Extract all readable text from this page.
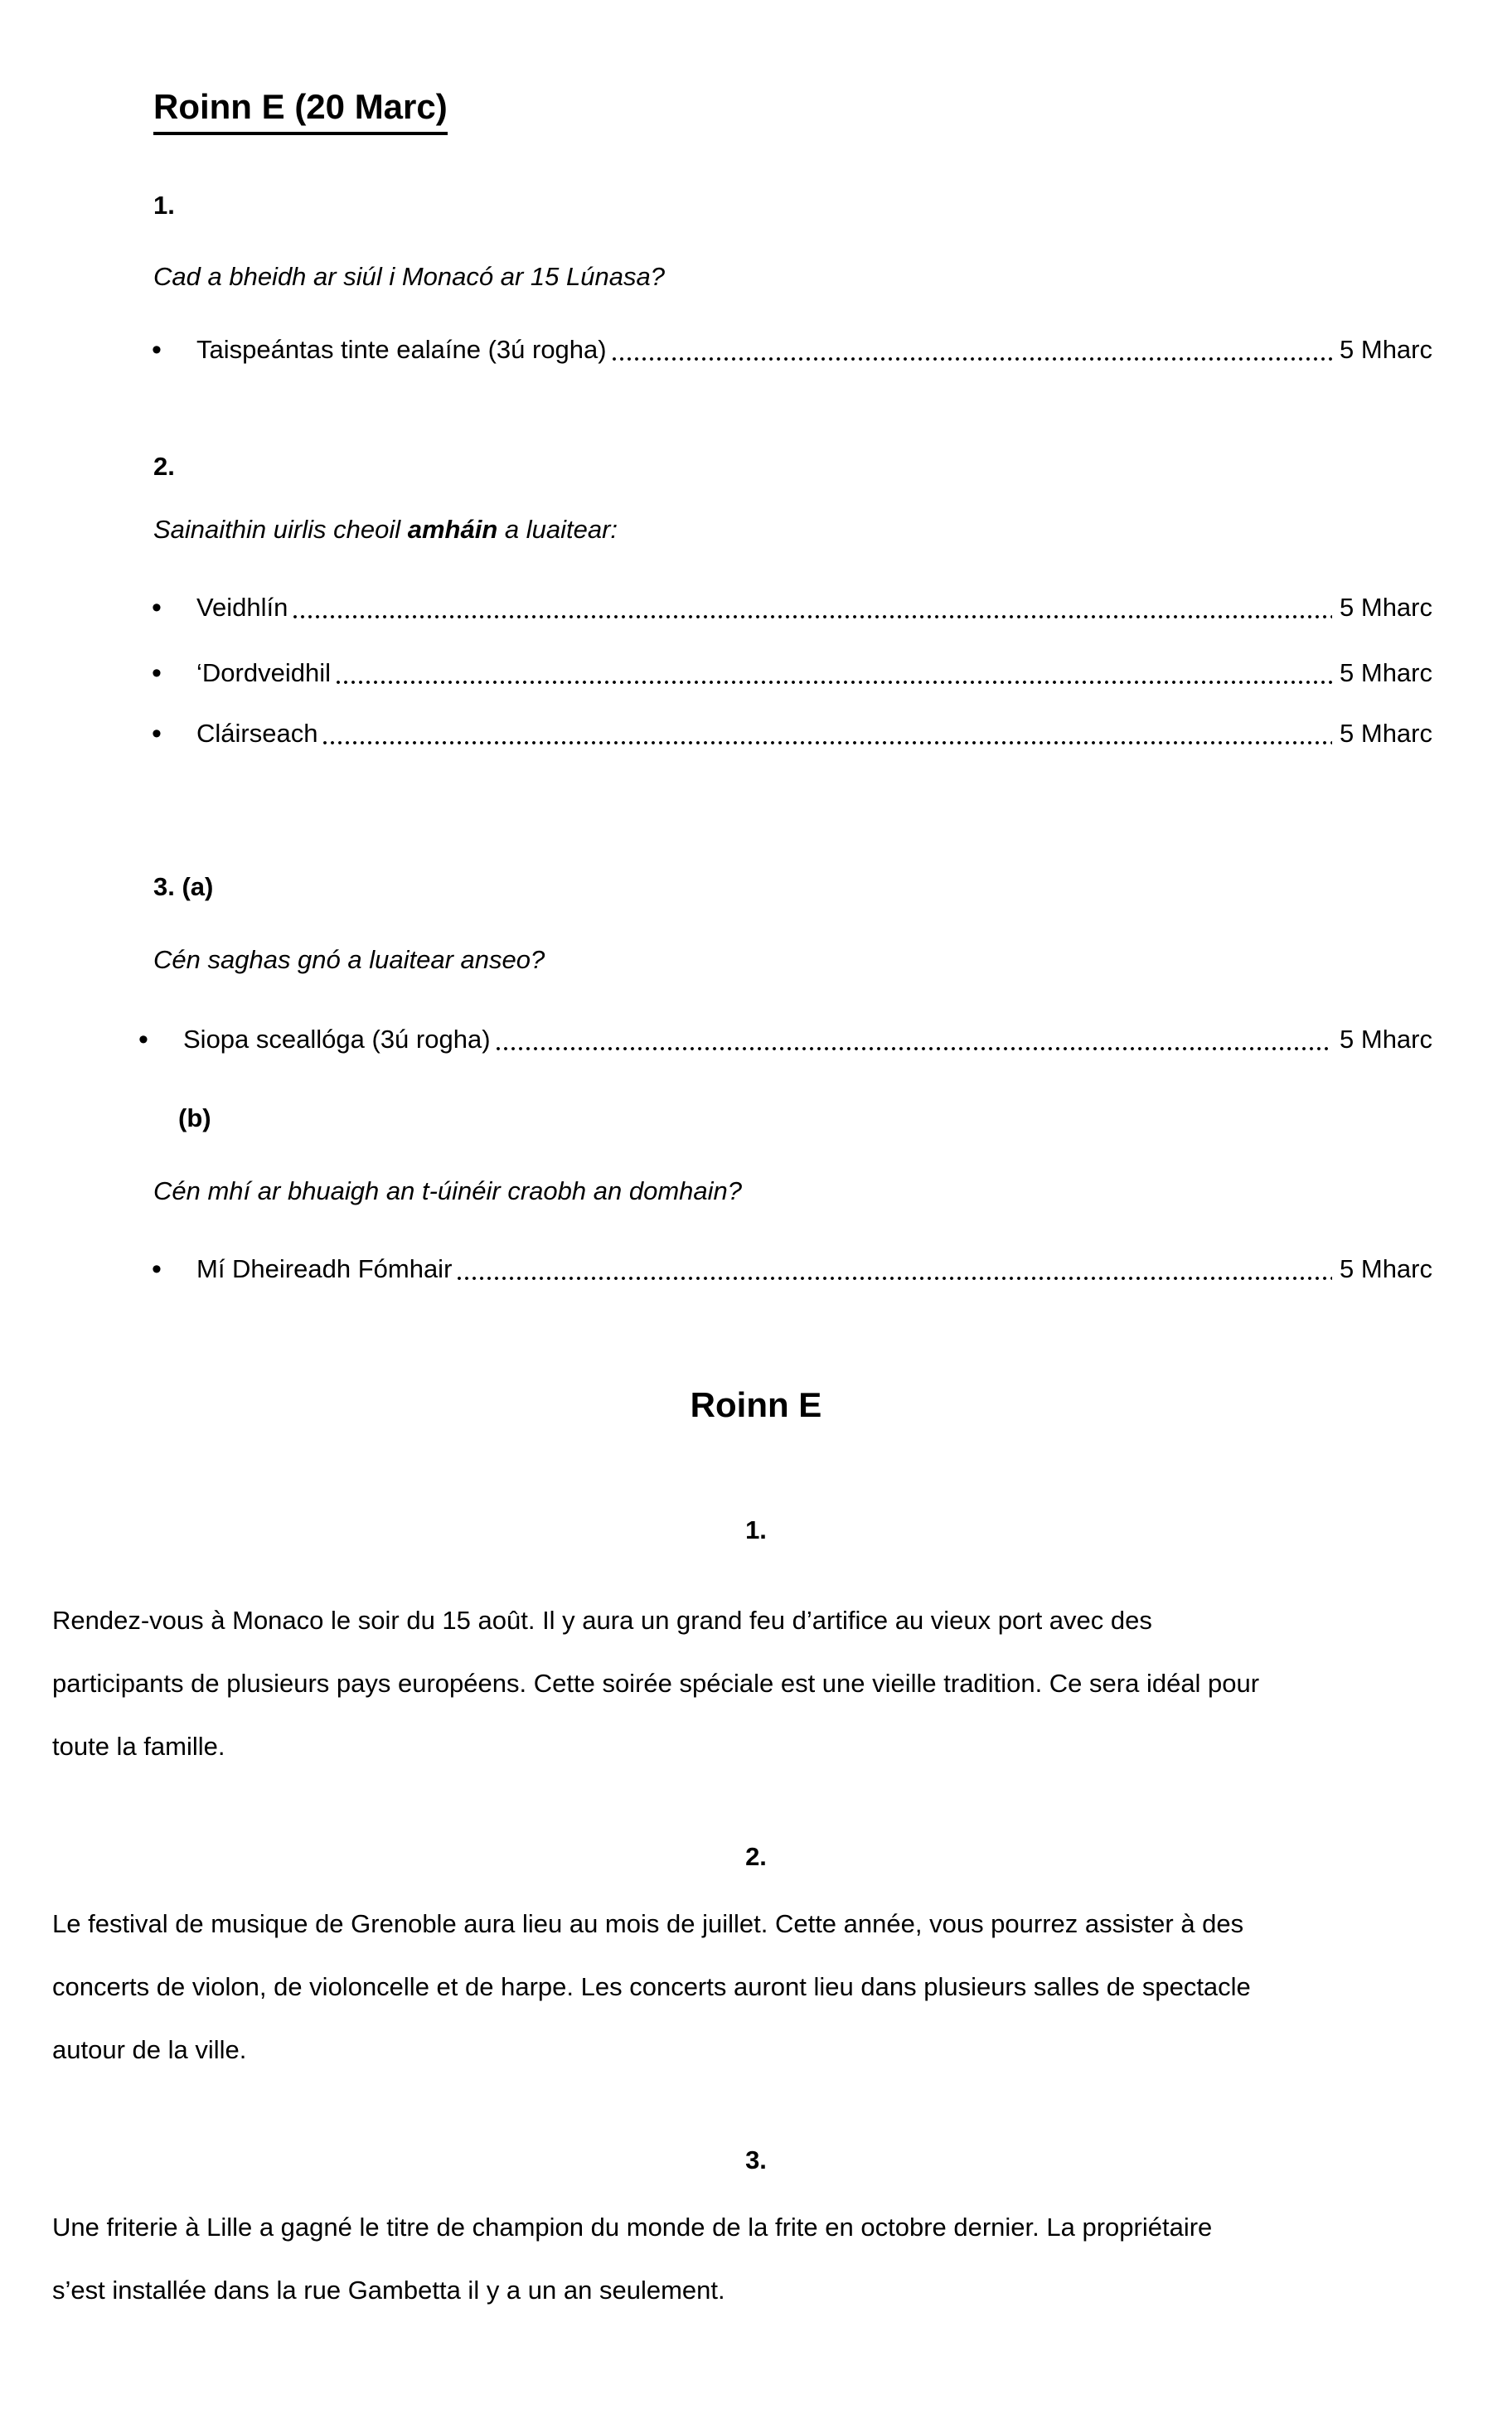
Roinn E (20 Marc)
1.
Cad a bheidh ar siúl i Monacó ar 15 Lúnasa?
•
Taispeántas tinte ealaíne (3ú rogha)	5 Mharc
2.
Sainaithin uirlis cheoil amháin a luaitear:
•
Veidhlín	5 Mharc
•
‘Dordveidhil	5 Mharc
•
Cláirseach	5 Mharc
3. (a)
Cén saghas gnó a luaitear anseo?
•
Siopa sceallóga (3ú rogha)	5 Mharc
(b)
Cén mhí ar bhuaigh an t-úinéir craobh an domhain?
•
Mí Dheireadh Fómhair	5 Mharc
Roinn E
1.
Rendez-vous à Monaco le soir du 15 août. Il y aura un grand feu d’artifice au vieux port avec des
participants de plusieurs pays européens. Cette soirée spéciale est une vieille tradition. Ce sera idéal pour
toute la famille.
2.
Le festival de musique de Grenoble aura lieu au mois de juillet. Cette année, vous pourrez assister à des
concerts de violon, de violoncelle et de harpe. Les concerts auront lieu dans plusieurs salles de spectacle
autour de la ville.
3.
Une friterie à Lille a gagné le titre de champion du monde de la frite en octobre dernier. La propriétaire
s’est installée dans la rue Gambetta il y a un an seulement.
